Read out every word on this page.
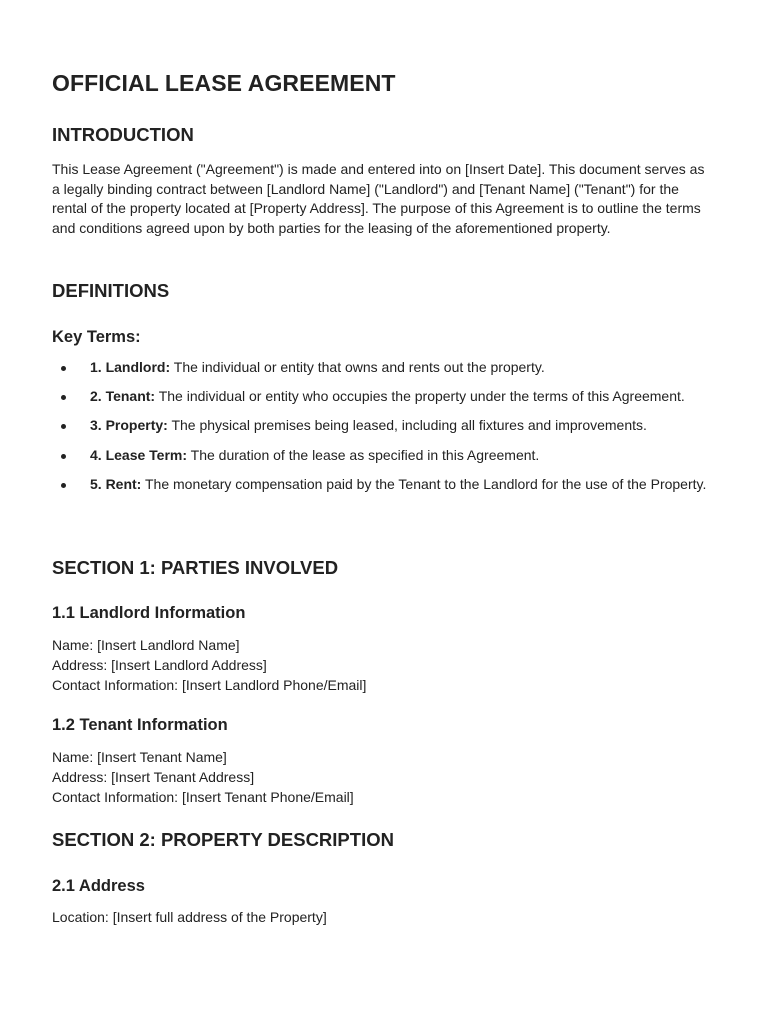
OFFICIAL LEASE AGREEMENT
INTRODUCTION
This Lease Agreement ("Agreement") is made and entered into on [Insert Date]. This document serves as a legally binding contract between [Landlord Name] ("Landlord") and [Tenant Name] ("Tenant") for the rental of the property located at [Property Address]. The purpose of this Agreement is to outline the terms and conditions agreed upon by both parties for the leasing of the aforementioned property.
DEFINITIONS
Key Terms:
1. Landlord: The individual or entity that owns and rents out the property.
2. Tenant: The individual or entity who occupies the property under the terms of this Agreement.
3. Property: The physical premises being leased, including all fixtures and improvements.
4. Lease Term: The duration of the lease as specified in this Agreement.
5. Rent: The monetary compensation paid by the Tenant to the Landlord for the use of the Property.
SECTION 1: PARTIES INVOLVED
1.1 Landlord Information
Name: [Insert Landlord Name]
Address: [Insert Landlord Address]
Contact Information: [Insert Landlord Phone/Email]
1.2 Tenant Information
Name: [Insert Tenant Name]
Address: [Insert Tenant Address]
Contact Information: [Insert Tenant Phone/Email]
SECTION 2: PROPERTY DESCRIPTION
2.1 Address
Location: [Insert full address of the Property]
